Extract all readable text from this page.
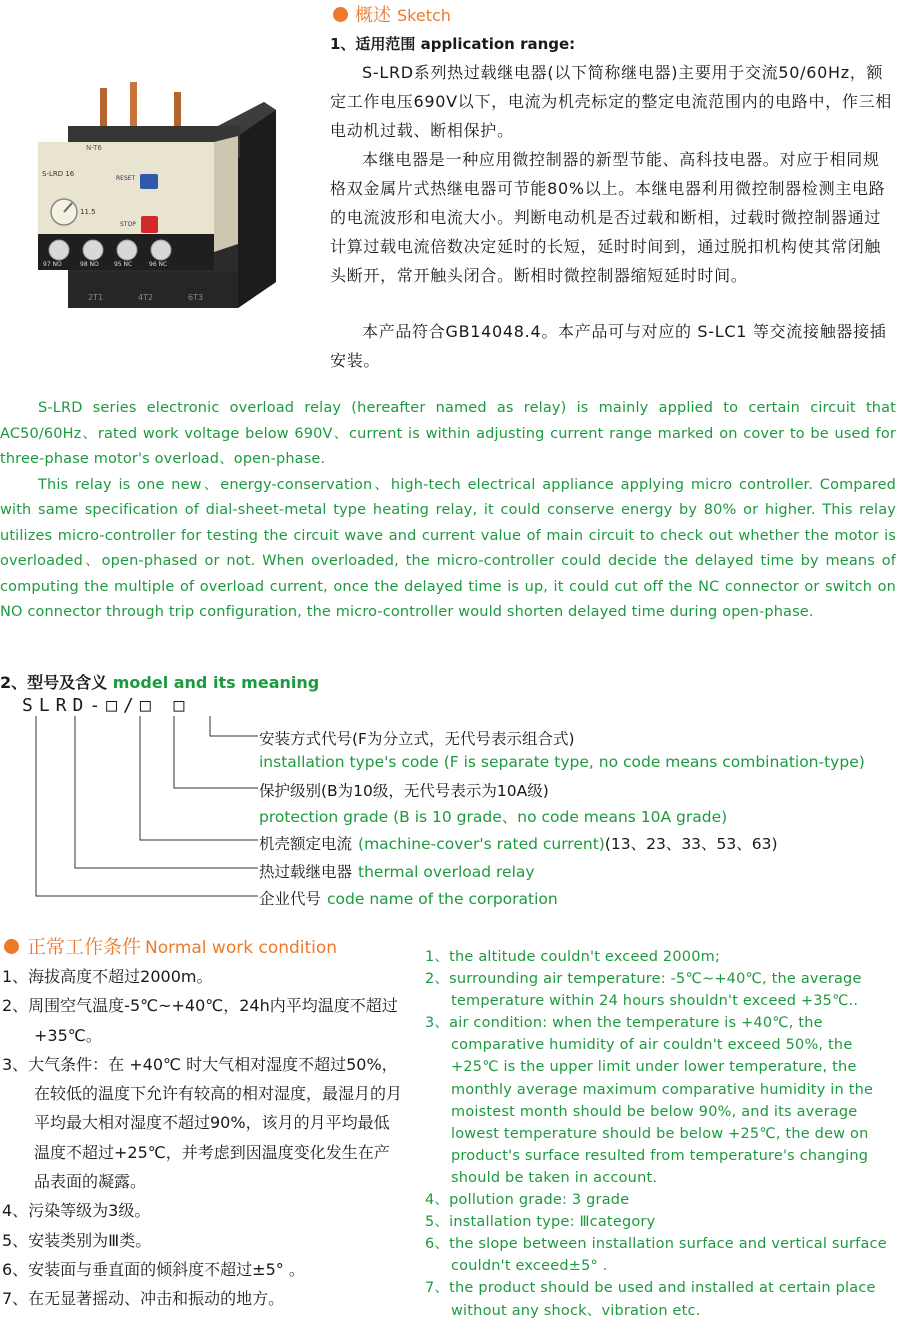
概述 Sketch
1、适用范围 application range:

S-LRD系列热过载继电器(以下简称继电器)主要用于交流50/60Hz，额定工作电压690V以下，电流为机壳标定的整定电流范围内的电路中，作三相电动机过载、断相保护。

本继电器是一种应用微控制器的新型节能、高科技电器。对应于相同规格双金属片式热继电器可节能80%以上。本继电器利用微控制器检测主电路的电流波形和电流大小。判断电动机是否过载和断相，过载时微控制器通过计算过载电流倍数决定延时的长短，延时时间到，通过脱扣机构使其常闭触头断开，常开触头闭合。断相时微控制器缩短延时时间。

本产品符合GB14048.4。本产品可与对应的 S-LC1 等交流接触器接插安装。

N-T6
S-LRD 16
11.5
RESET
STOP
97 NO	98 NO	95 NC	96 NC
2T1	4T2	6T3

S-LRD series electronic overload relay (hereafter named as relay) is mainly applied to certain circuit that AC50/60Hz、rated work voltage below 690V、current is within adjusting current range marked on cover to be used for three-phase motor's overload、open-phase.

This relay is one new、energy-conservation、high-tech electrical appliance applying micro controller. Compared with same specification of dial-sheet-metal type heating relay, it could conserve energy by 80% or higher. This relay utilizes micro-controller for testing the circuit wave and current value of main circuit to check out whether the motor is overloaded、open-phased or not. When overloaded, the micro-controller could decide the delayed time by means of computing the multiple of overload current, once the delayed time is up, it could cut off the NC connector or switch on NO connector through trip configuration, the micro-controller would shorten delayed time during open-phase.

2、型号及含义 model and its meaning
SLRD-□/□ □
安装方式代号(F为分立式，无代号表示组合式)
installation type's code (F is separate type, no code means combination-type)
保护级别(B为10级，无代号表示为10A级)
protection grade (B is 10 grade、no code means 10A grade)
机壳额定电流 (machine-cover's rated current)(13、23、33、53、63)
热过载继电器 thermal overload relay
企业代号 code name of the corporation
正常工作条件 Normal work condition
1、海拔高度不超过2000m。
2、周围空气温度-5℃~+40℃，24h内平均温度不超过+35℃。
3、大气条件：在 +40℃ 时大气相对湿度不超过50%，在较低的温度下允许有较高的相对湿度，最湿月的月平均最大相对湿度不超过90%，该月的月平均最低温度不超过+25℃，并考虑到因温度变化发生在产品表面的凝露。
4、污染等级为3级。
5、安装类别为Ⅲ类。
6、安装面与垂直面的倾斜度不超过±5° 。
7、在无显著摇动、冲击和振动的地方。
1、the altitude couldn't exceed 2000m;
2、surrounding air temperature: -5℃~+40℃, the average temperature within 24 hours shouldn't exceed +35℃..
3、air condition: when the temperature is +40℃, the comparative humidity of air couldn't exceed 50%, the +25℃ is the upper limit under lower temperature, the monthly average maximum comparative humidity in the moistest month should be below 90%, and its average lowest temperature should be below +25℃, the dew on product's surface resulted from temperature's changing should be taken in account.
4、pollution grade: 3 grade
5、installation type: Ⅲcategory
6、the slope between installation surface and vertical surface couldn't exceed±5° .
7、the product should be used and installed at certain place without any shock、vibration etc.
